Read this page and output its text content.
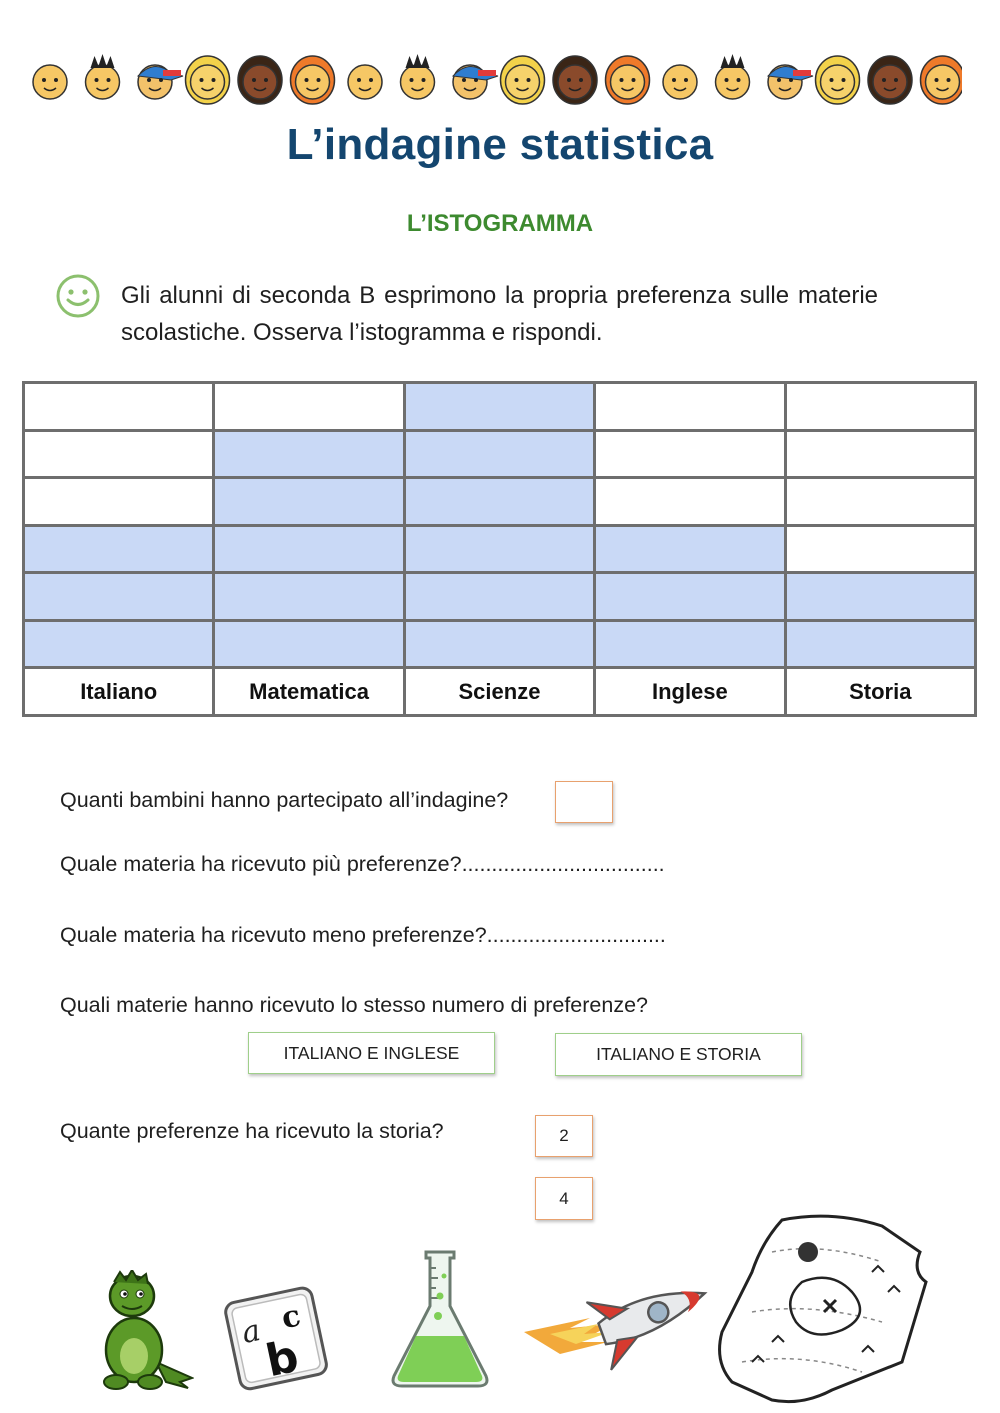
L’indagine statistica
L’ISTOGRAMMA
Gli alunni di seconda B esprimono la propria preferenza sulle materie scolastiche. Osserva l’istogramma e rispondi.

Italiano	Matematica	Scienze	Inglese	Storia
Quanti bambini hanno partecipato all’indagine?
Quale materia ha ricevuto più preferenze?..................................
Quale materia ha ricevuto meno preferenze?..............................
Quali materie hanno ricevuto lo stesso numero di preferenze?
ITALIANO E INGLESE	ITALIANO E STORIA
Quante preferenze ha ricevuto la storia?	2
4
a c
b
